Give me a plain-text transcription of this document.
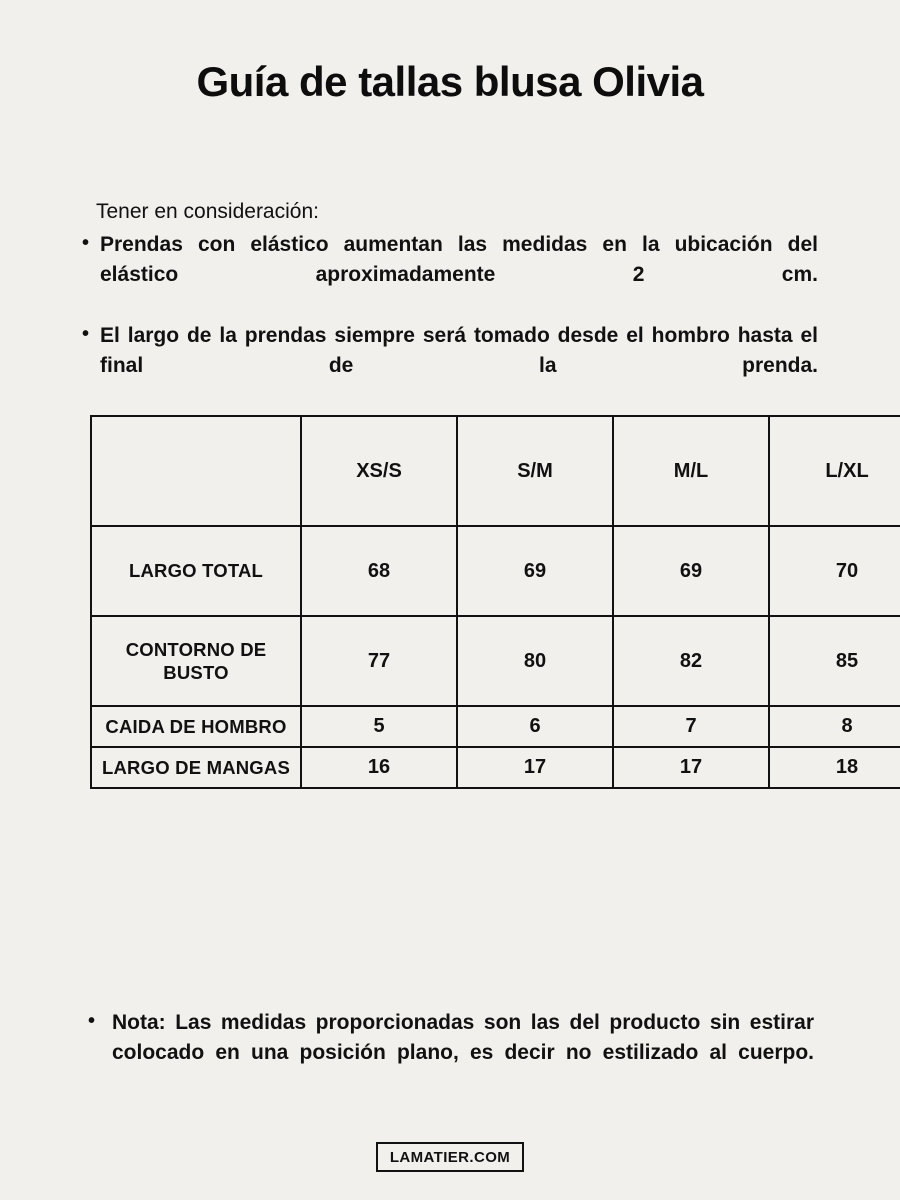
Guía de tallas blusa Olivia
Tener en consideración:
• Prendas con elástico aumentan las medidas en la ubicación del elástico aproximadamente 2 cm.
• El largo de la prendas siempre será tomado desde el hombro hasta el final de la prenda.
	XS/S	S/M	M/L	L/XL
LARGO TOTAL	68	69	69	70
CONTORNO DE BUSTO	77	80	82	85
CAIDA DE HOMBRO	5	6	7	8
LARGO DE MANGAS	16	17	17	18
• Nota: Las medidas proporcionadas son las del producto sin estirar colocado en una posición plano, es decir no estilizado al cuerpo.
LAMATIER.COM
